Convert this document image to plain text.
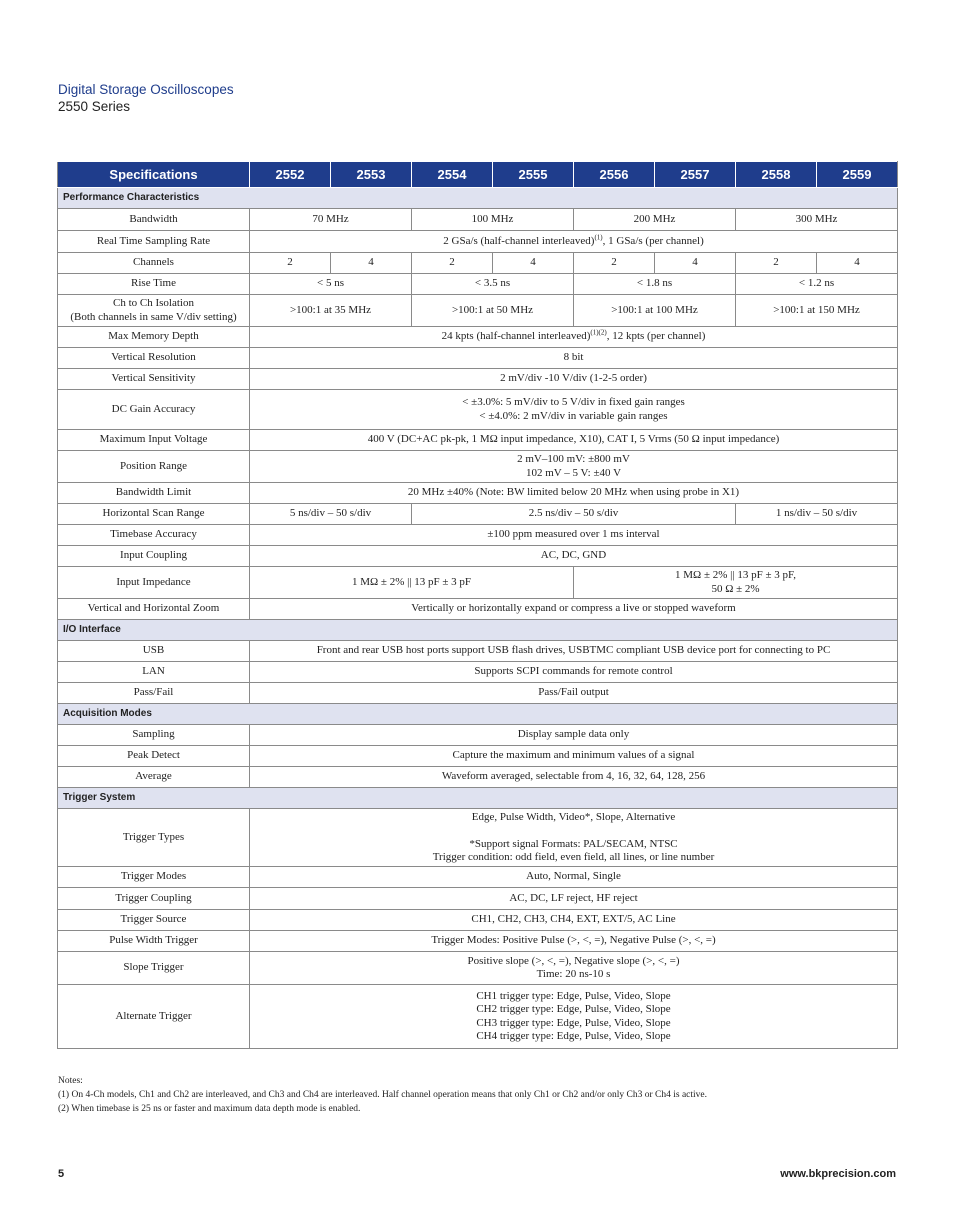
Digital Storage Oscilloscopes
2550 Series
Specifications	2552	2553	2554	2555	2556	2557	2558	2559
Performance Characteristics								
Bandwidth	70 MHz		100 MHz		200 MHz		300 MHz	
Real Time Sampling Rate	2 GSa/s (half-channel interleaved)$^{(1)}$, 1 GSa/s (per channel)							
Channels	2	4	2	4	2	4	2	4
Rise Time	< 5 ns		< 3.5 ns		< 1.8 ns		< 1.2 ns	

Ch to Ch Isolation
(Both channels in same V/div setting)	>100:1 at 35 MHz		>100:1 at 50 MHz		>100:1 at 100 MHz		>100:1 at 150 MHz	
Max Memory Depth	24 kpts (half-channel interleaved)$^{(1)(2)}$, 12 kpts (per channel)							
Vertical Resolution	8 bit							
Vertical Sensitivity	2 mV/div -10 V/div (1-2-5 order)							
DC Gain Accuracy	< ±3.0%: 5 mV/div to 5 V/div in fixed gain ranges
< ±4.0%: 2 mV/div in variable gain ranges							

Maximum Input Voltage	400 V (DC+AC pk-pk, 1 MΩ input impedance, X10), CAT I, 5 Vrms (50 Ω input impedance)							
Position Range	2 mV–100 mV: ±800 mV
102 mV – 5 V: ±40 V							

Bandwidth Limit	20 MHz ±40% (Note: BW limited below 20 MHz when using probe in X1)							
Horizontal Scan Range	5 ns/div – 50 s/div		2.5 ns/div – 50 s/div				1 ns/div – 50 s/div	
Timebase Accuracy	±100 ppm measured over 1 ms interval							
Input Coupling	AC, DC, GND							
Input Impedance	1 MΩ ± 2% || 13 pF ± 3 pF				1 MΩ ± 2% || 13 pF ± 3 pF,
50 Ω ± 2%			

Vertical and Horizontal Zoom	Vertically or horizontally expand or compress a live or stopped waveform							
I/O Interface								
USB	Front and rear USB host ports support USB flash drives, USBTMC compliant USB device port for connecting to PC							
LAN	Supports SCPI commands for remote control							
Pass/Fail	Pass/Fail output							
Acquisition Modes								
Sampling	Display sample data only							
Peak Detect	Capture the maximum and minimum values of a signal							
Average	Waveform averaged, selectable from 4, 16, 32, 64, 128, 256							
Trigger System								
Trigger Types	Edge, Pulse Width, Video*, Slope, Alternative
*Support signal Formats: PAL/SECAM, NTSC
Trigger condition: odd field, even field, all lines, or line number							

Trigger Modes	Auto, Normal, Single							
Trigger Coupling	AC, DC, LF reject, HF reject							
Trigger Source	CH1, CH2, CH3, CH4, EXT, EXT/5, AC Line							
Pulse Width Trigger	Trigger Modes: Positive Pulse (>, <, =), Negative Pulse (>, <, =)							
Slope Trigger	Positive slope (>, <, =), Negative slope (>, <, =)
Time: 20 ns-10 s							

Alternate Trigger	CH1 trigger type: Edge, Pulse, Video, Slope
CH2 trigger type: Edge, Pulse, Video, Slope
CH3 trigger type: Edge, Pulse, Video, Slope
CH4 trigger type: Edge, Pulse, Video, Slope							
Notes:
(1) On 4-Ch models, Ch1 and Ch2 are interleaved, and Ch3 and Ch4 are interleaved. Half channel operation means that only Ch1 or Ch2 and/or only Ch3 or Ch4 is active.
(2) When timebase is 25 ns or faster and maximum data depth mode is enabled.
5	www.bkprecision.com
